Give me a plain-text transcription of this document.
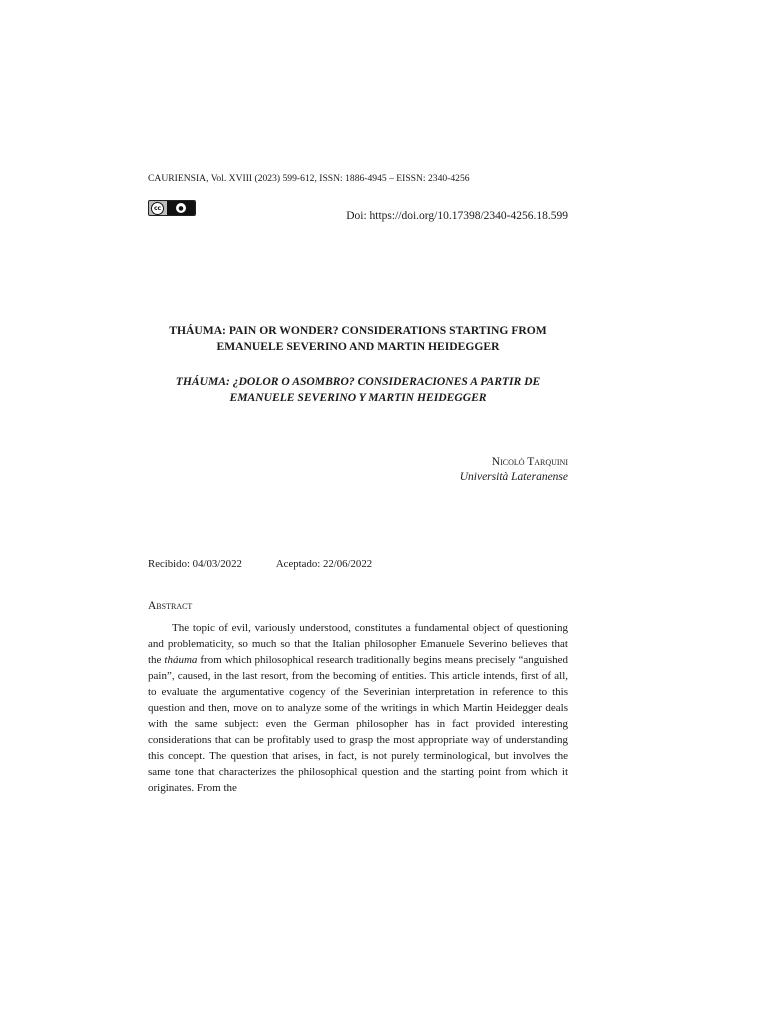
CAURIENSIA, Vol. XVIII (2023) 599-612, ISSN: 1886-4945 – EISSN: 2340-4256
cc	●
Doi: https://doi.org/10.17398/2340-4256.18.599
THÁUMA: PAIN OR WONDER? CONSIDERATIONS STARTING FROM EMANUELE SEVERINO AND MARTIN HEIDEGGER
THÁUMA: ¿DOLOR O ASOMBRO? CONSIDERACIONES A PARTIR DE EMANUELE SEVERINO Y MARTIN HEIDEGGER
Nicolò Tarquini
Università Lateranense
Recibido: 04/03/2022	Aceptado: 22/06/2022
Abstract

The topic of evil, variously understood, constitutes a fundamental object of questioning and problematicity, so much so that the Italian philosopher Emanuele Severino believes that the tháuma from which philosophical research traditionally begins means precisely “anguished pain”, caused, in the last resort, from the becoming of entities. This article intends, first of all, to evaluate the argumentative cogency of the Severinian interpretation in reference to this question and then, move on to analyze some of the writings in which Martin Heidegger deals with the same subject: even the German philosopher has in fact provided interesting considerations that can be profitably used to grasp the most appropriate way of understanding this concept. The question that arises, in fact, is not purely terminological, but involves the same tone that characterizes the philosophical question and the starting point from which it originates. From the
